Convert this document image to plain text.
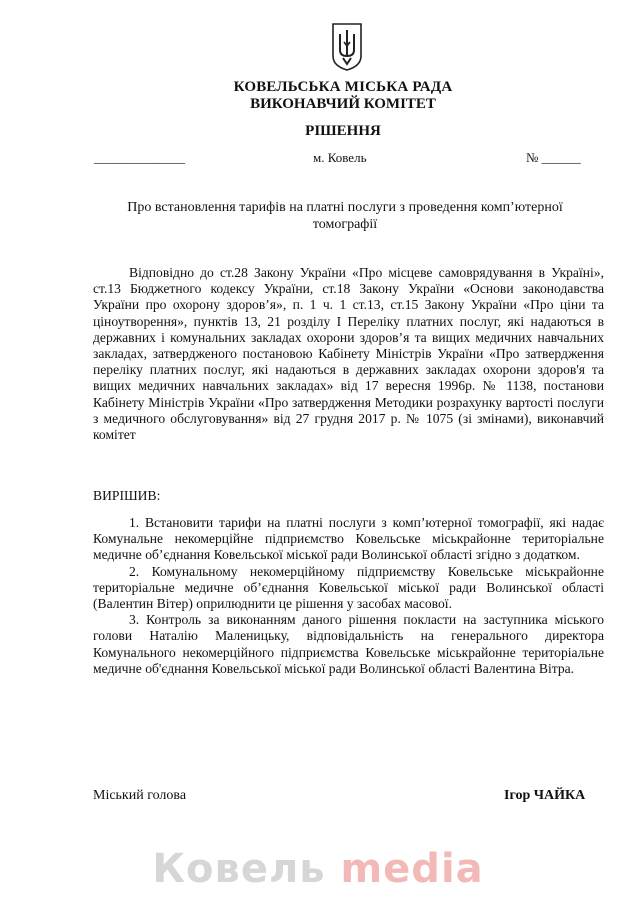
КОВЕЛЬСЬКА МІСЬКА РАДА
ВИКОНАВЧИЙ КОМІТЕТ
РІШЕННЯ
______________	м. Ковель	№ ______
Про встановлення тарифів на платні послуги з проведення комп’ютерної томографії
Відповідно до ст.28 Закону України «Про місцеве самоврядування в Україні», ст.13 Бюджетного кодексу України, ст.18 Закону України «Основи законодавства України про охорону здоров’я», п. 1 ч. 1 ст.13, ст.15 Закону України «Про ціни та ціноутворення», пунктів 13, 21 розділу І Переліку платних послуг, які надаються в державних і комунальних закладах охорони здоров’я та вищих медичних навчальних закладах, затвердженого постановою Кабінету Міністрів України «Про затвердження переліку платних послуг, які надаються в державних закладах охорони здоров'я та вищих медичних навчальних закладах» від 17 вересня 1996р. № 1138, постанови Кабінету Міністрів України «Про затвердження Методики розрахунку вартості послуги з медичного обслуговування» від 27 грудня 2017 р. № 1075 (зі змінами), виконавчий комітет
ВИРІШИВ:

1. Встановити тарифи на платні послуги з комп’ютерної томографії, які надає Комунальне некомерційне підприємство Ковельське міськрайонне територіальне медичне об’єднання Ковельської міської ради Волинської області згідно з додатком.

2. Комунальному некомерційному підприємству Ковельське міськрайонне територіальне медичне об’єднання Ковельської міської ради Волинської області (Валентин Вітер) оприлюднити це рішення у засобах масової.

3. Контроль за виконанням даного рішення покласти на заступника міського голови Наталію Маленицьку, відповідальність на генерального директора Комунального некомерційного підприємства Ковельське міськрайонне територіальне медичне об'єднання Ковельської міської ради Волинської області Валентина Вітра.

Міський голова	Ігор ЧАЙКА
Ковель media
